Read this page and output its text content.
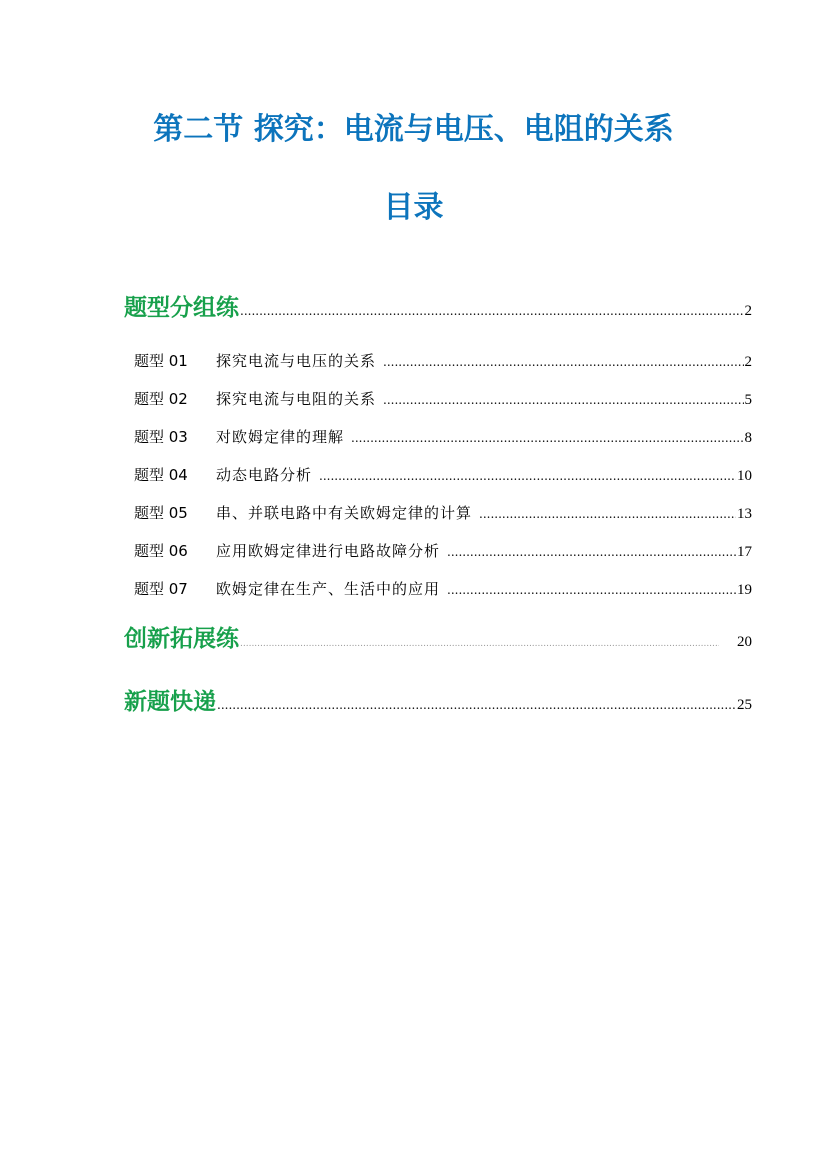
第二节 探究：电流与电压、电阻的关系
目录
题型分组练 .....	2
题型 01	探究电流与电压的关系 .....	2
题型 02	探究电流与电阻的关系 .....	5
题型 03	对欧姆定律的理解 .....	8
题型 04	动态电路分析 .....	10
题型 05	串、并联电路中有关欧姆定律的计算 .....	13
题型 06	应用欧姆定律进行电路故障分析 .....	17
题型 07	欧姆定律在生产、生活中的应用 .....	19
创新拓展练 .....	20
新题快递 .....	25
